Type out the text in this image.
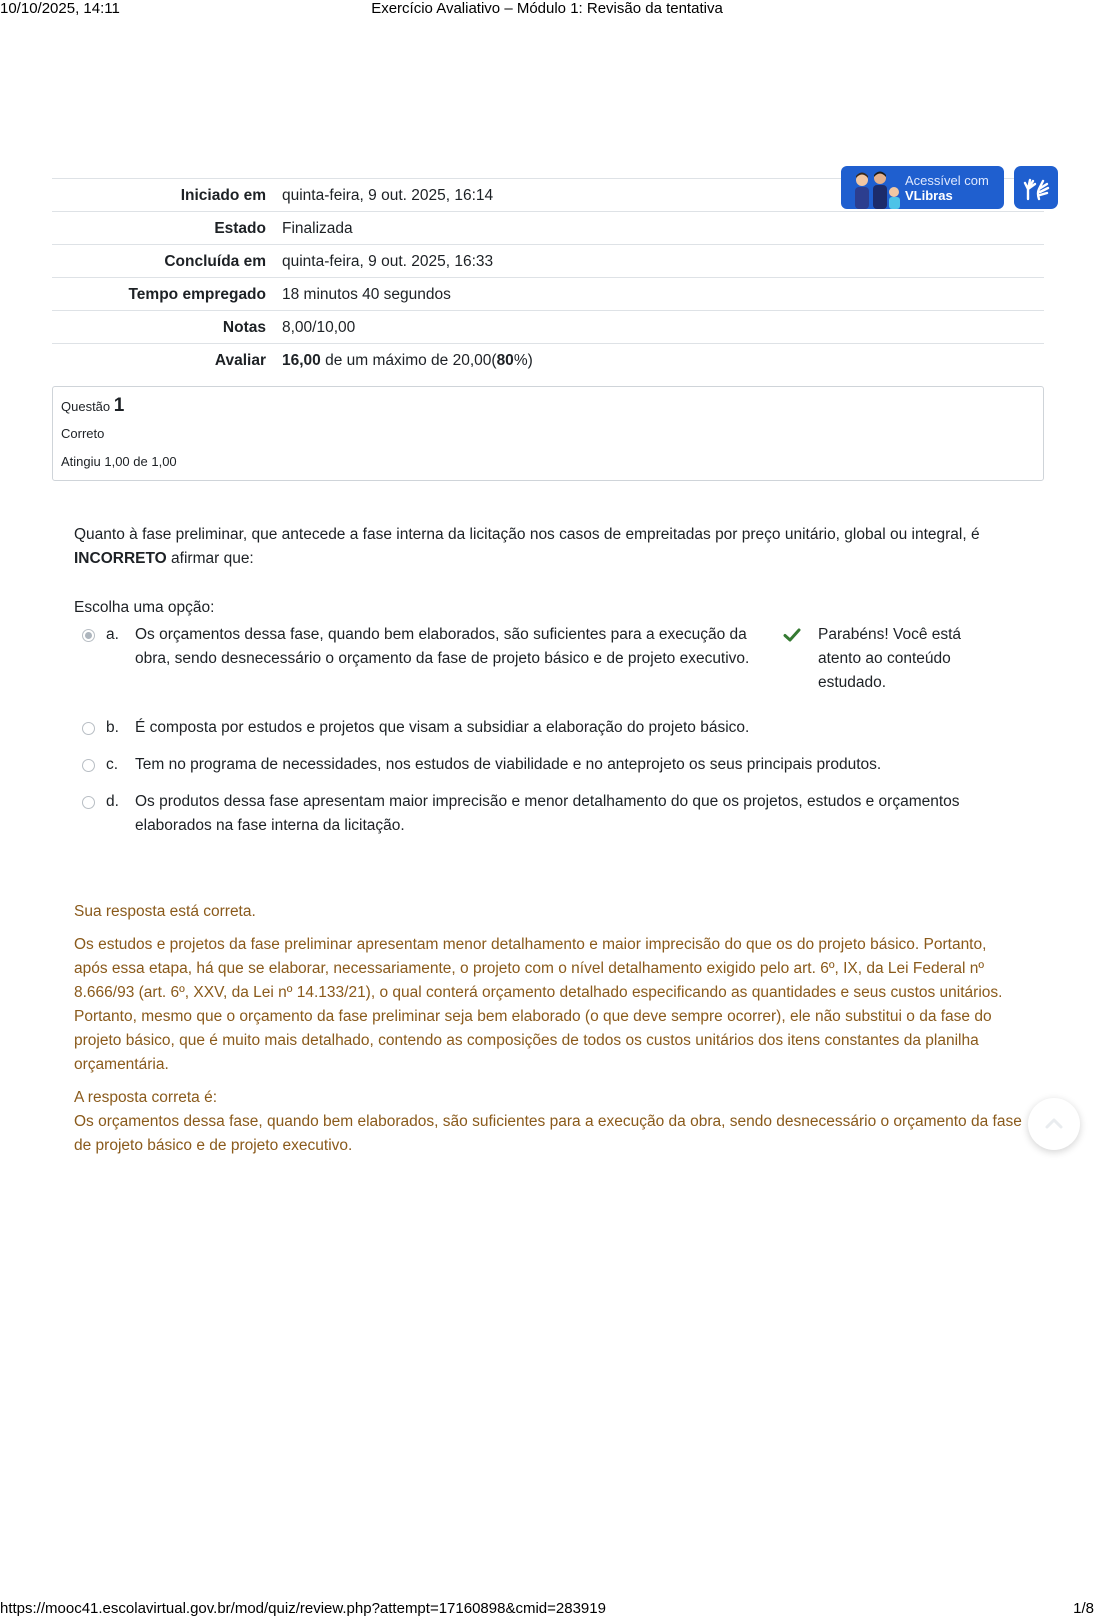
10/10/2025, 14:11	Exercício Avaliativo – Módulo 1: Revisão da tentativa
Iniciado em	quinta-feira, 9 out. 2025, 16:14
Estado	Finalizada
Concluída em	quinta-feira, 9 out. 2025, 16:33
Tempo empregado	18 minutos 40 segundos
Notas	8,00/10,00
Avaliar	16,00 de um máximo de 20,00(80%)
Acessível com
VLibras
Questão 1
Correto
Atingiu 1,00 de 1,00
Quanto à fase preliminar, que antecede a fase interna da licitação nos casos de empreitadas por preço unitário, global ou integral, é
INCORRETO afirmar que:
Escolha uma opção:
a. Os orçamentos dessa fase, quando bem elaborados, são suficientes para a execução da
obra, sendo desnecessário o orçamento da fase de projeto básico e de projeto executivo.
Parabéns! Você está
atento ao conteúdo
estudado.
b. É composta por estudos e projetos que visam a subsidiar a elaboração do projeto básico.
c. Tem no programa de necessidades, nos estudos de viabilidade e no anteprojeto os seus principais produtos.
d. Os produtos dessa fase apresentam maior imprecisão e menor detalhamento do que os projetos, estudos e orçamentos
elaborados na fase interna da licitação.

Sua resposta está correta.

Os estudos e projetos da fase preliminar apresentam menor detalhamento e maior imprecisão do que os do projeto básico. Portanto,
após essa etapa, há que se elaborar, necessariamente, o projeto com o nível detalhamento exigido pelo art. 6º, IX, da Lei Federal nº
8.666/93 (art. 6º, XXV, da Lei nº 14.133/21), o qual conterá orçamento detalhado especificando as quantidades e seus custos unitários.
Portanto, mesmo que o orçamento da fase preliminar seja bem elaborado (o que deve sempre ocorrer), ele não substitui o da fase do
projeto básico, que é muito mais detalhado, contendo as composições de todos os custos unitários dos itens constantes da planilha
orçamentária.

A resposta correta é:
Os orçamentos dessa fase, quando bem elaborados, são suficientes para a execução da obra, sendo desnecessário o orçamento da fase
de projeto básico e de projeto executivo.

https://mooc41.escolavirtual.gov.br/mod/quiz/review.php?attempt=17160898&cmid=283919	1/8
